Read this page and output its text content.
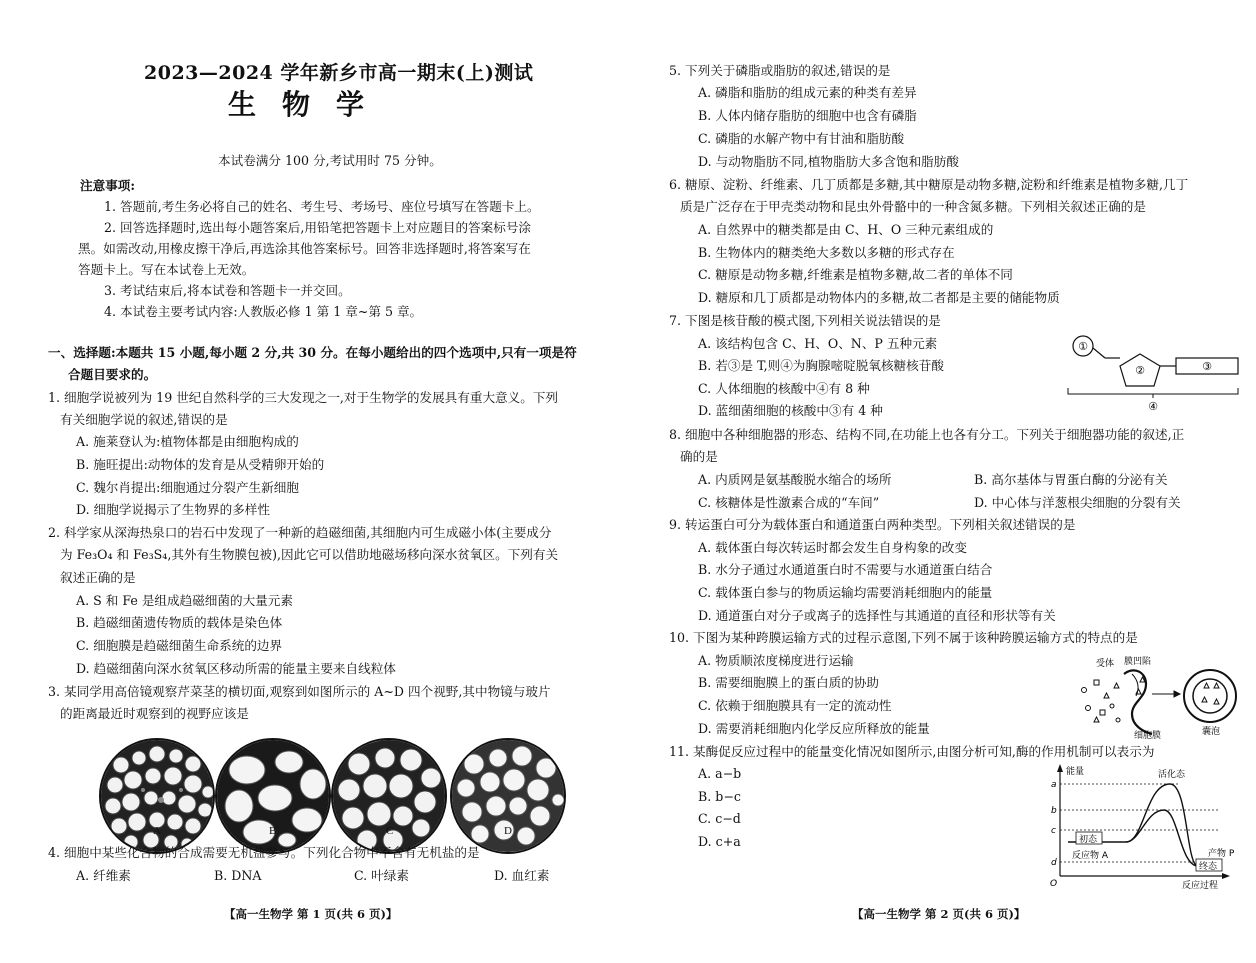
2023—2024 学年新乡市高一期末(上)测试
生物学
本试卷满分 100 分,考试用时 75 分钟。
注意事项:
1. 答题前,考生务必将自己的姓名、考生号、考场号、座位号填写在答题卡上。
2. 回答选择题时,选出每小题答案后,用铅笔把答题卡上对应题目的答案标号涂
黑。如需改动,用橡皮擦干净后,再选涂其他答案标号。回答非选择题时,将答案写在
答题卡上。写在本试卷上无效。
3. 考试结束后,将本试卷和答题卡一并交回。
4. 本试卷主要考试内容:人教版必修 1 第 1 章~第 5 章。
一、选择题:本题共 15 小题,每小题 2 分,共 30 分。在每小题给出的四个选项中,只有一项是符
合题目要求的。
1. 细胞学说被列为 19 世纪自然科学的三大发现之一,对于生物学的发展具有重大意义。下列
有关细胞学说的叙述,错误的是
A. 施莱登认为:植物体都是由细胞构成的
B. 施旺提出:动物体的发育是从受精卵开始的
C. 魏尔肖提出:细胞通过分裂产生新细胞
D. 细胞学说揭示了生物界的多样性
2. 科学家从深海热泉口的岩石中发现了一种新的趋磁细菌,其细胞内可生成磁小体(主要成分
为 Fe₃O₄ 和 Fe₃S₄,其外有生物膜包被),因此它可以借助地磁场移向深水贫氧区。下列有关
叙述正确的是
A. S 和 Fe 是组成趋磁细菌的大量元素
B. 趋磁细菌遗传物质的载体是染色体
C. 细胞膜是趋磁细菌生命系统的边界
D. 趋磁细菌向深水贫氧区移动所需的能量主要来自线粒体
3. 某同学用高倍镜观察芹菜茎的横切面,观察到如图所示的 A~D 四个视野,其中物镜与玻片
的距离最近时观察到的视野应该是
A	B	C	D
4. 细胞中某些化合物的合成需要无机盐参与。下列化合物中不含有无机盐的是
A. 纤维素	B. DNA	C. 叶绿素	D. 血红素
【高一生物学 第 1 页(共 6 页)】
5. 下列关于磷脂或脂肪的叙述,错误的是
A. 磷脂和脂肪的组成元素的种类有差异
B. 人体内储存脂肪的细胞中也含有磷脂
C. 磷脂的水解产物中有甘油和脂肪酸
D. 与动物脂肪不同,植物脂肪大多含饱和脂肪酸
6. 糖原、淀粉、纤维素、几丁质都是多糖,其中糖原是动物多糖,淀粉和纤维素是植物多糖,几丁
质是广泛存在于甲壳类动物和昆虫外骨骼中的一种含氮多糖。下列相关叙述正确的是
A. 自然界中的糖类都是由 C、H、O 三种元素组成的
B. 生物体内的糖类绝大多数以多糖的形式存在
C. 糖原是动物多糖,纤维素是植物多糖,故二者的单体不同
D. 糖原和几丁质都是动物体内的多糖,故二者都是主要的储能物质
7. 下图是核苷酸的模式图,下列相关说法错误的是
A. 该结构包含 C、H、O、N、P 五种元素
B. 若③是 T,则④为胸腺嘧啶脱氧核糖核苷酸
C. 人体细胞的核酸中④有 8 种
D. 蓝细菌细胞的核酸中③有 4 种
①
②	③
④
8. 细胞中各种细胞器的形态、结构不同,在功能上也各有分工。下列关于细胞器功能的叙述,正
确的是
A. 内质网是氨基酸脱水缩合的场所	B. 高尔基体与胃蛋白酶的分泌有关
C. 核糖体是性激素合成的“车间”	D. 中心体与洋葱根尖细胞的分裂有关
9. 转运蛋白可分为载体蛋白和通道蛋白两种类型。下列相关叙述错误的是
A. 载体蛋白每次转运时都会发生自身构象的改变
B. 水分子通过水通道蛋白时不需要与水通道蛋白结合
C. 载体蛋白参与的物质运输均需要消耗细胞内的能量
D. 通道蛋白对分子或离子的选择性与其通道的直径和形状等有关
10. 下图为某种跨膜运输方式的过程示意图,下列不属于该种跨膜运输方式的特点的是
A. 物质顺浓度梯度进行运输
B. 需要细胞膜上的蛋白质的协助
C. 依赖于细胞膜具有一定的流动性
D. 需要消耗细胞内化学反应所释放的能量
受体 膜凹陷
细胞膜	囊泡
11. 某酶促反应过程中的能量变化情况如图所示,由图分析可知,酶的作用机制可以表示为
A. a−b
B. b−c
C. c−d
D. c+a
能量
反应过程
O
a
b
c
d
活化态
初态
反应物 A
终态
产物 P
【高一生物学 第 2 页(共 6 页)】
